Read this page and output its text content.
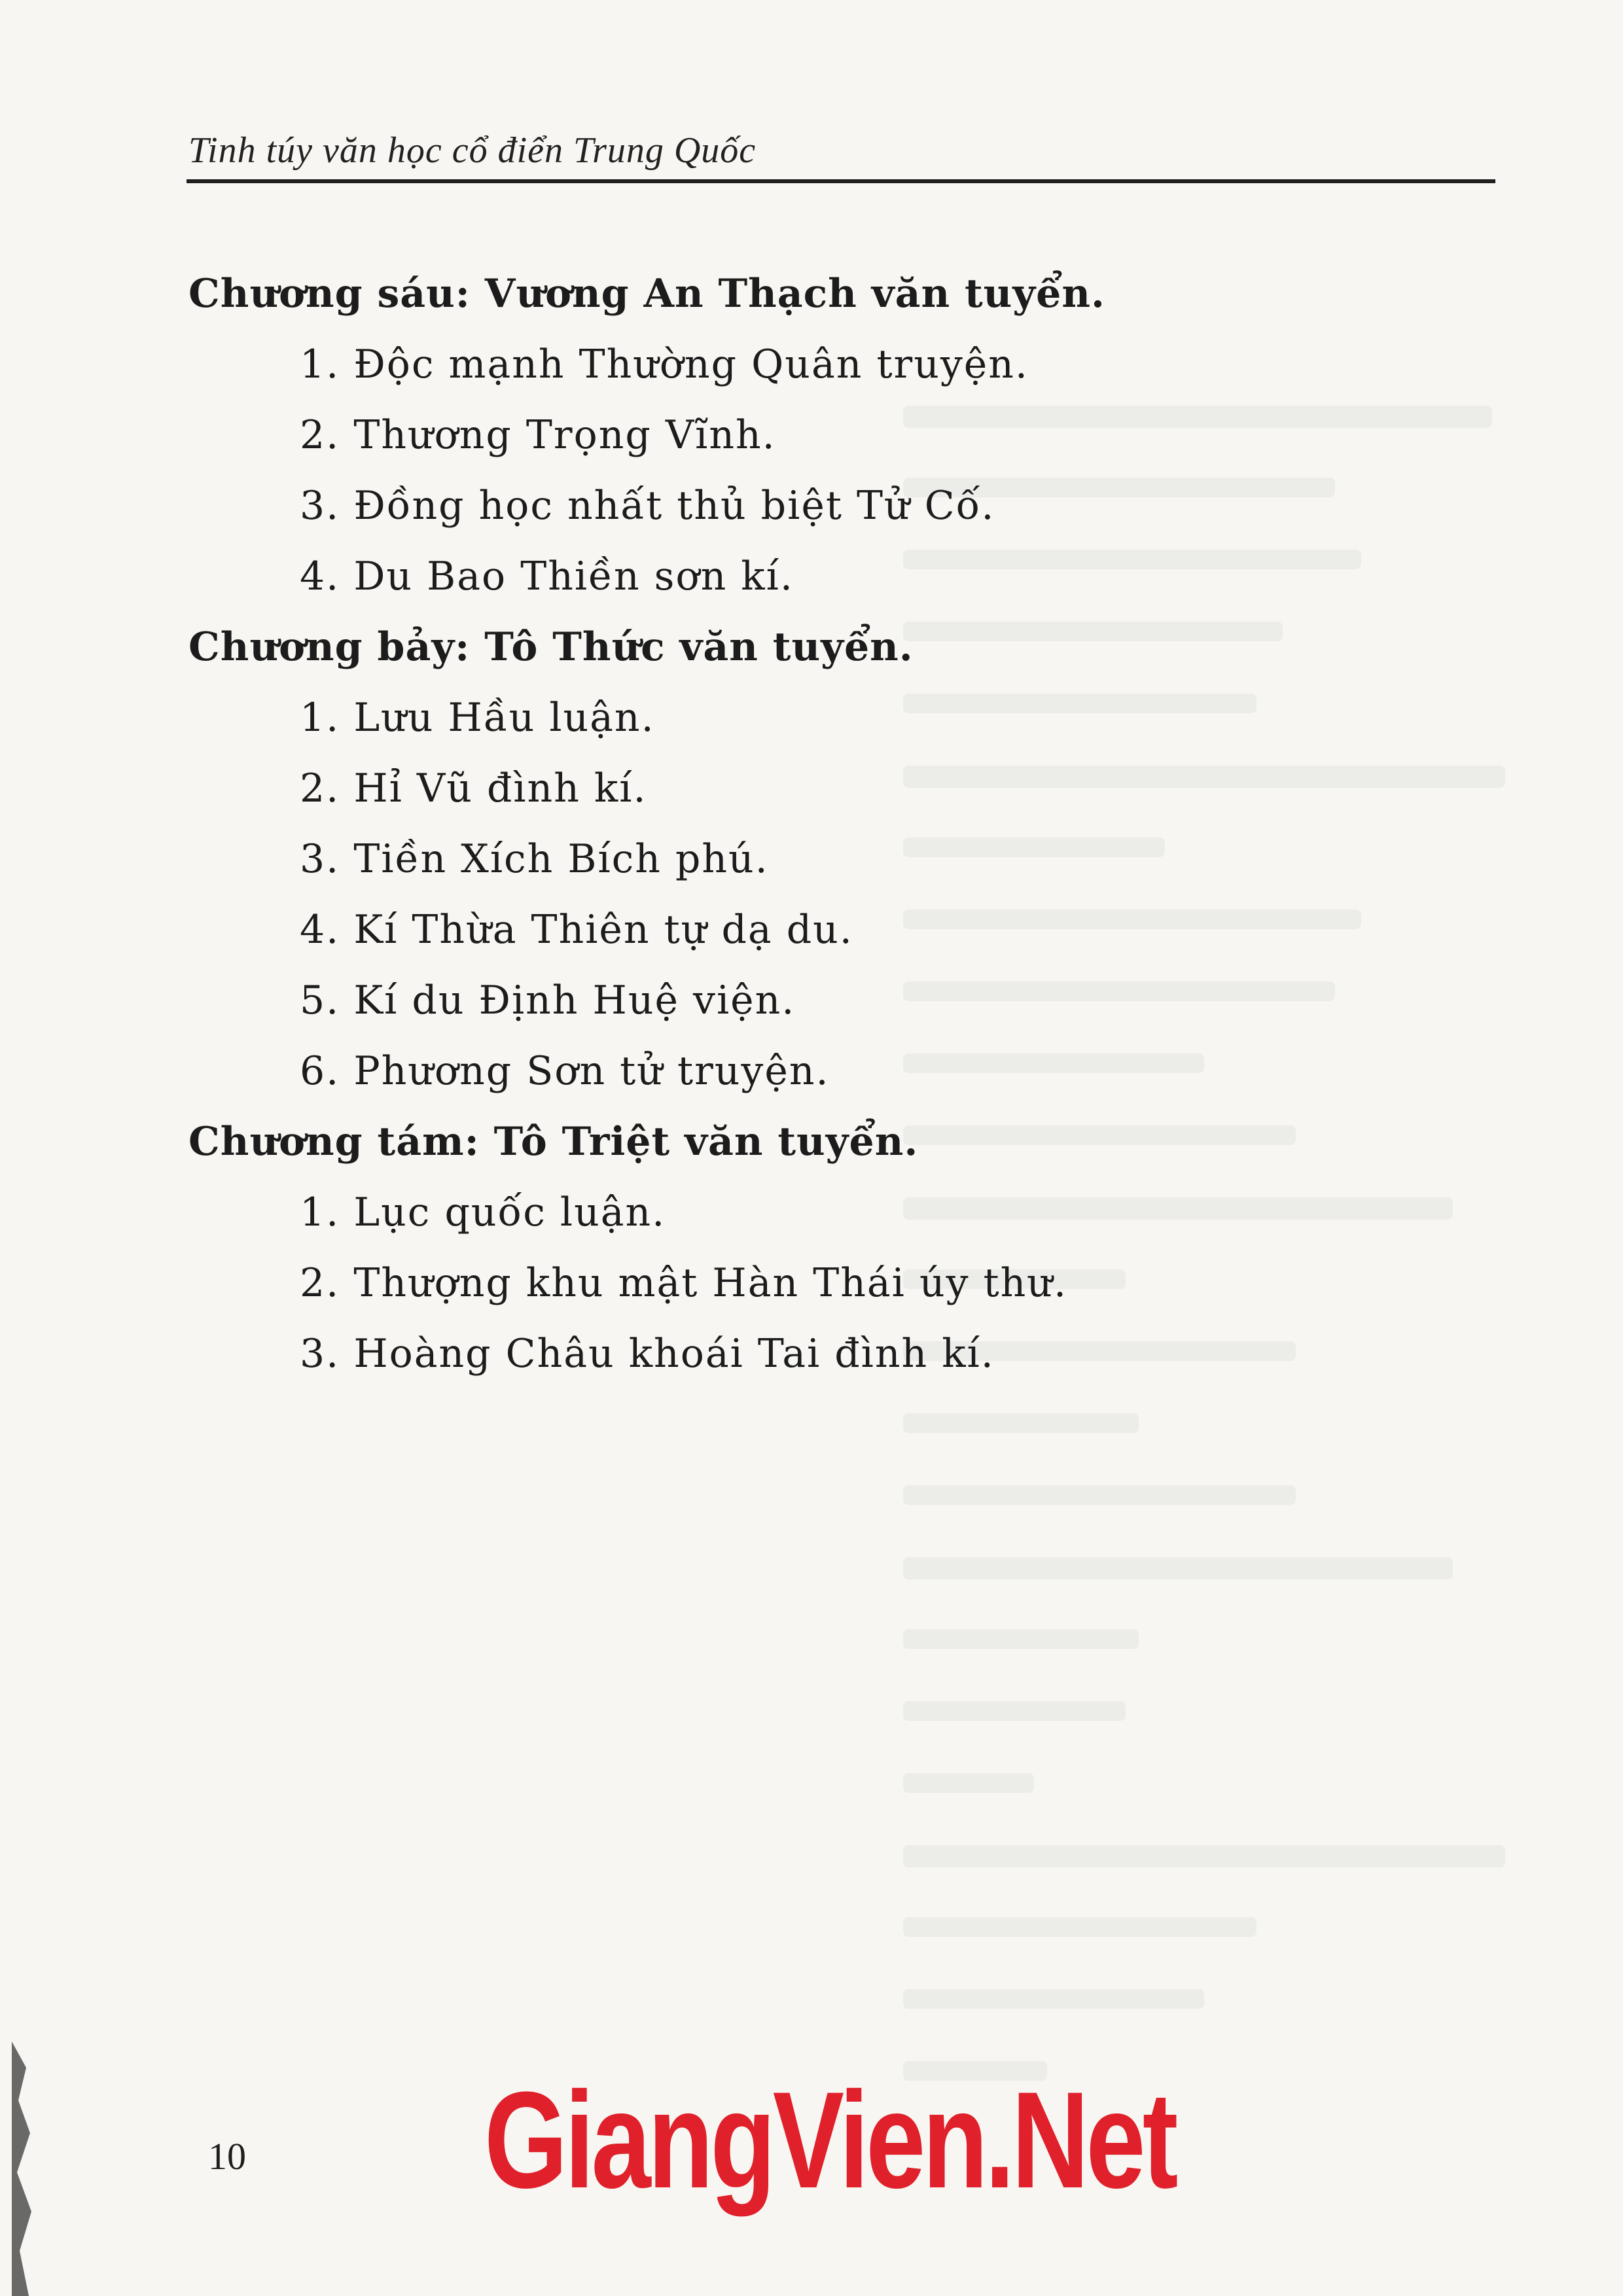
Tinh túy văn học cổ điển Trung Quốc
Chương sáu: Vương An Thạch văn tuyển.
1. Độc mạnh Thường Quân truyện.
2. Thương Trọng Vĩnh.
3. Đồng học nhất thủ biệt Tử Cố.
4. Du Bao Thiền sơn kí.
Chương bảy: Tô Thức văn tuyển.
1. Lưu Hầu luận.
2. Hỉ Vũ đình kí.
3. Tiền Xích Bích phú.
4. Kí Thừa Thiên tự dạ du.
5. Kí du Định Huệ viện.
6. Phương Sơn tử truyện.
Chương tám: Tô Triệt văn tuyển.
1. Lục quốc luận.
2. Thượng khu mật Hàn Thái úy thư.
3. Hoàng Châu khoái Tai đình kí.
10 GiangVien.Net
